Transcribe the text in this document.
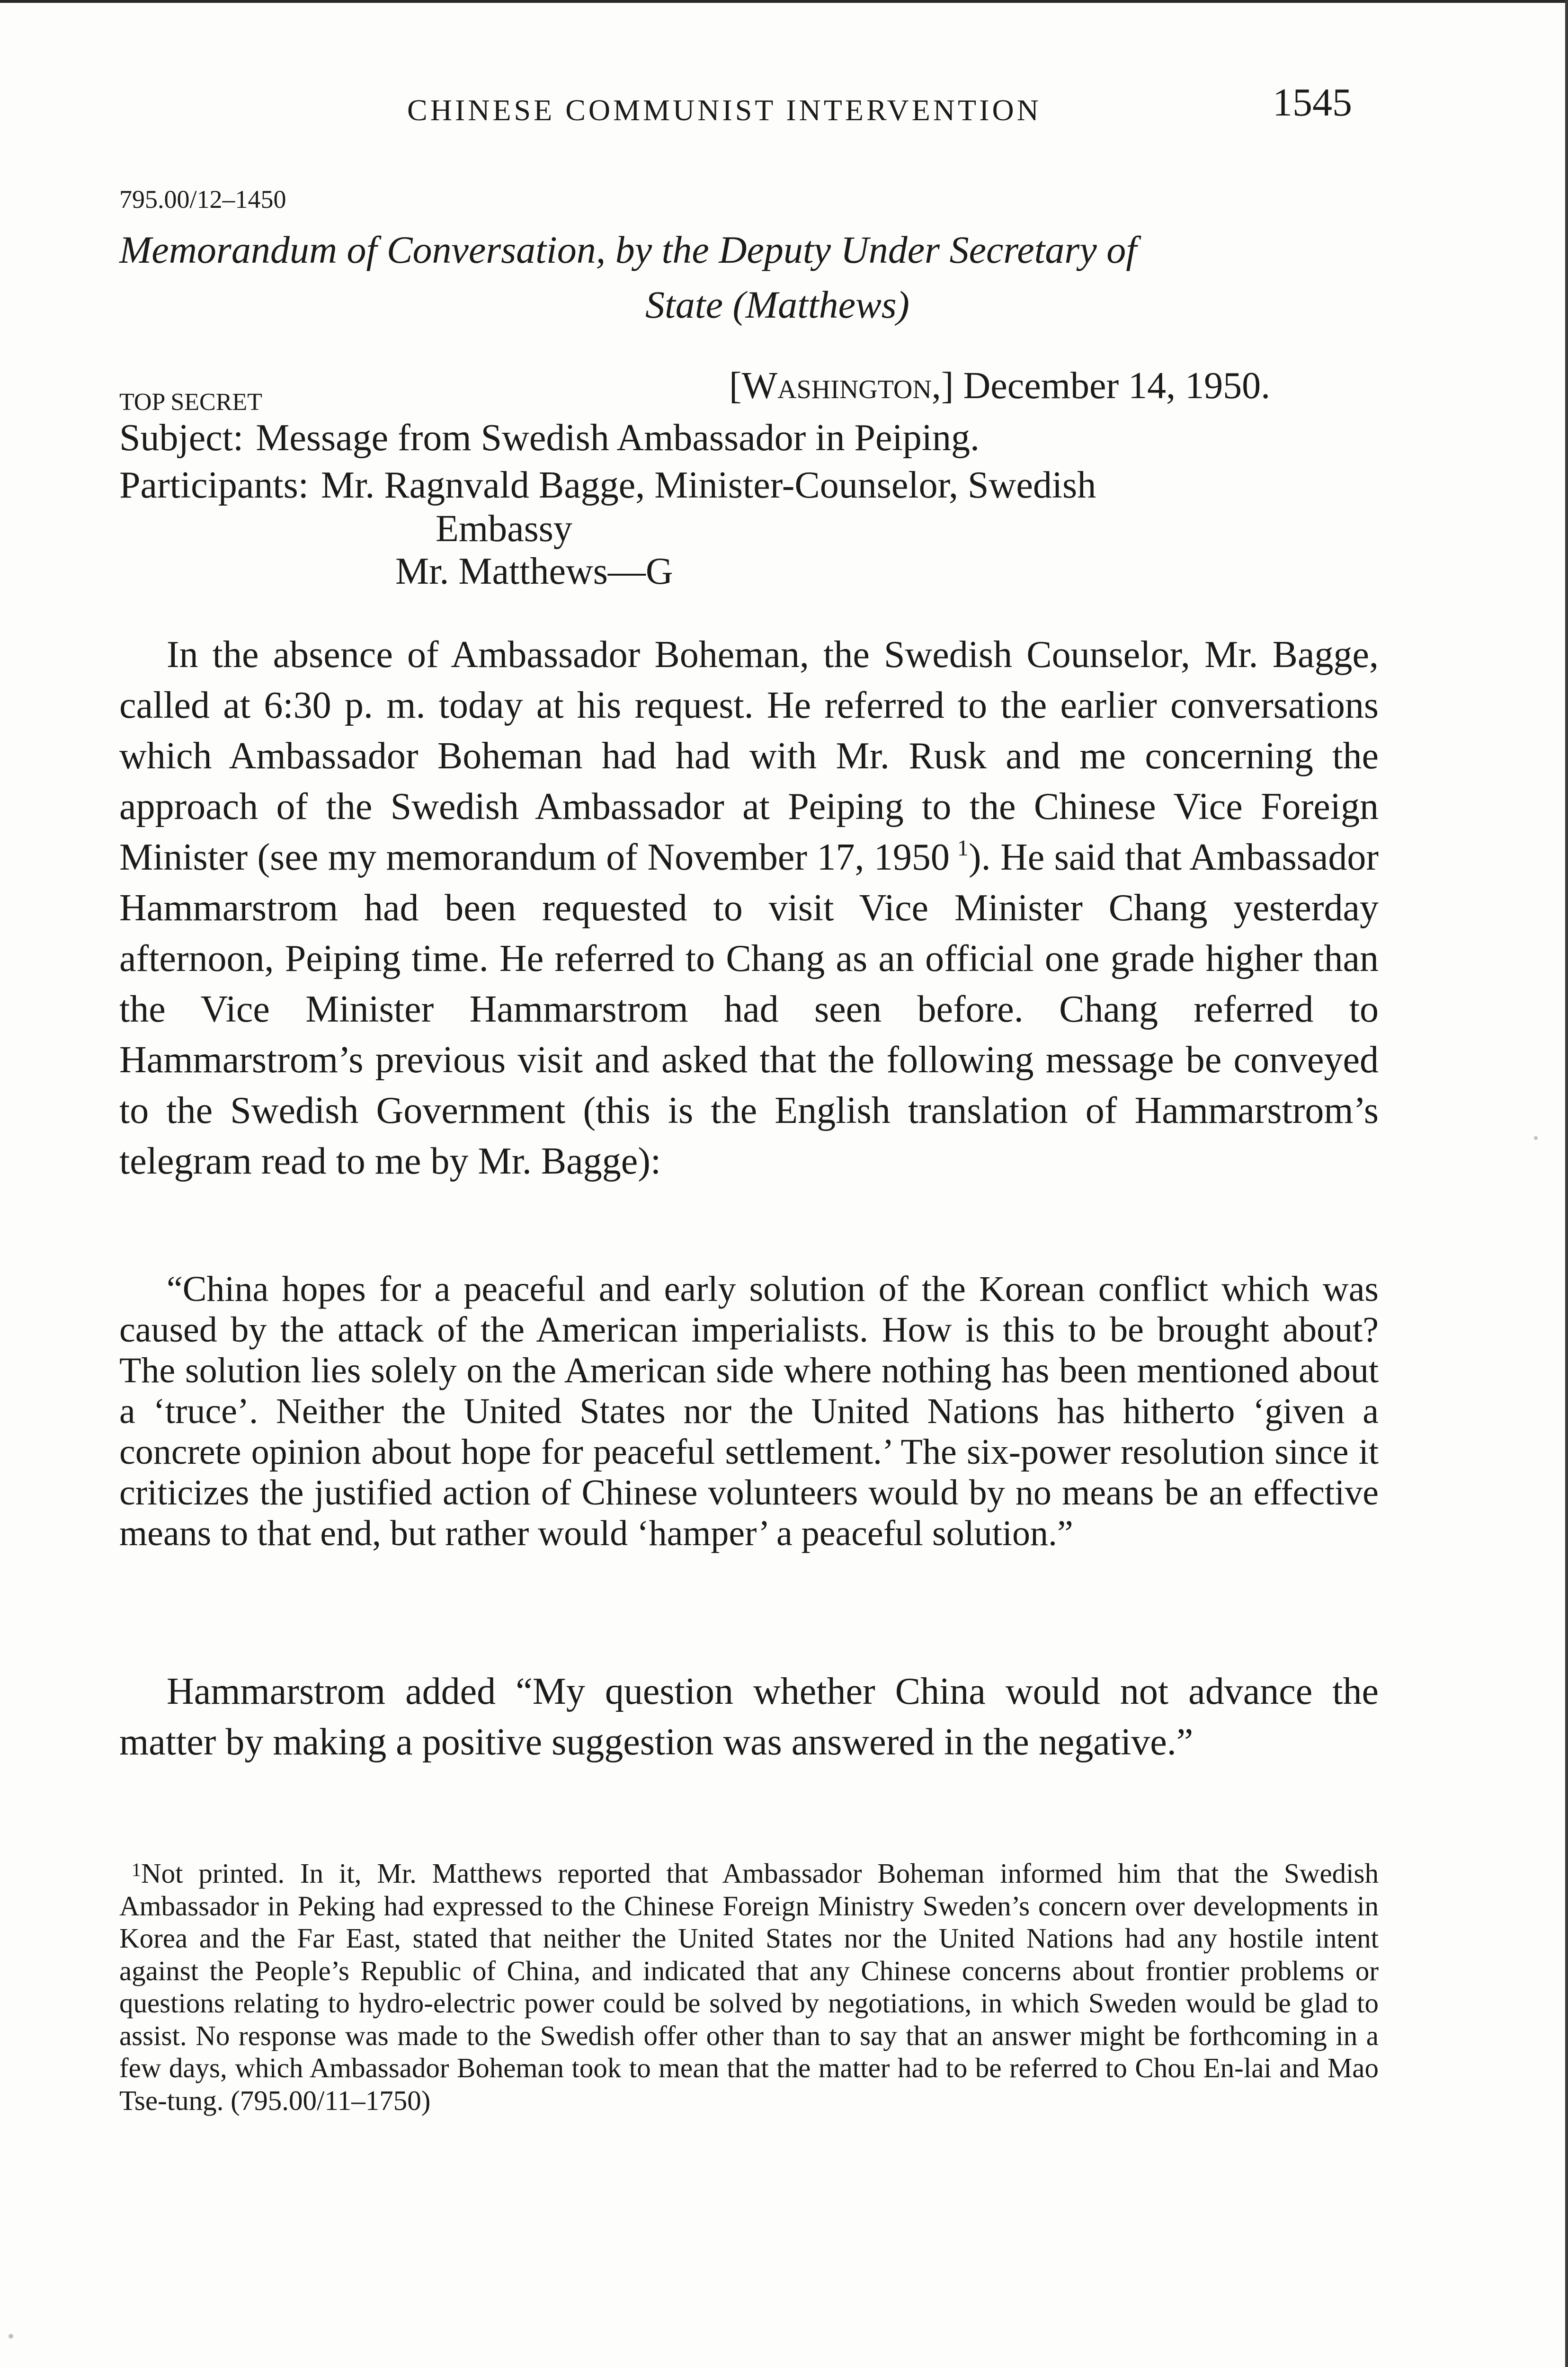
CHINESE COMMUNIST INTERVENTION	1545
795.00/12–1450
Memorandum of Conversation, by the Deputy Under Secretary of
State (Matthews)
TOP SECRET	[Washington,] December 14, 1950.
Subject: Message from Swedish Ambassador in Peiping.
Participants: Mr. Ragnvald Bagge, Minister-Counselor, Swedish
Embassy
Mr. Matthews—G

In the absence of Ambassador Boheman, the Swedish Counselor, Mr. Bagge, called at 6:30 p. m. today at his request. He referred to the earlier conversations which Ambassador Boheman had had with Mr. Rusk and me concerning the approach of the Swedish Ambassador at Peiping to the Chinese Vice Foreign Minister (see my memorandum of November 17, 1950  $^1$). He said that Ambassador Hammarstrom had been requested to visit Vice Minister Chang yesterday afternoon, Peiping time. He referred to Chang as an official one grade higher than the Vice Minister Hammarstrom had seen before. Chang referred to Hammarstrom’s previous visit and asked that the following message be conveyed to the Swedish Government (this is the English translation of Hammarstrom’s telegram read to me by Mr. Bagge):

“China hopes for a peaceful and early solution of the Korean conflict which was caused by the attack of the American imperialists. How is this to be brought about? The solution lies solely on the American side where nothing has been mentioned about a ‘truce’. Neither the United States nor the United Nations has hitherto ‘given a concrete opinion about hope for peaceful settlement.’ The six-power resolution since it criticizes the justified action of Chinese volunteers would by no means be an effective means to that end, but rather would ‘hamper’ a peaceful solution.”

Hammarstrom added “My question whether China would not advance the matter by making a positive suggestion was answered in the negative.”

$^1$Not printed. In it, Mr. Matthews reported that Ambassador Boheman informed him that the Swedish Ambassador in Peking had expressed to the Chinese Foreign Ministry Sweden’s concern over developments in Korea and the Far East, stated that neither the United States nor the United Nations had any hostile intent against the People’s Republic of China, and indicated that any Chinese concerns about frontier problems or questions relating to hydro-electric power could be solved by negotiations, in which Sweden would be glad to assist. No response was made to the Swedish offer other than to say that an answer might be forthcoming in a few days, which Ambassador Boheman took to mean that the matter had to be referred to Chou En-lai and Mao Tse-tung. (795.00/11–1750)
